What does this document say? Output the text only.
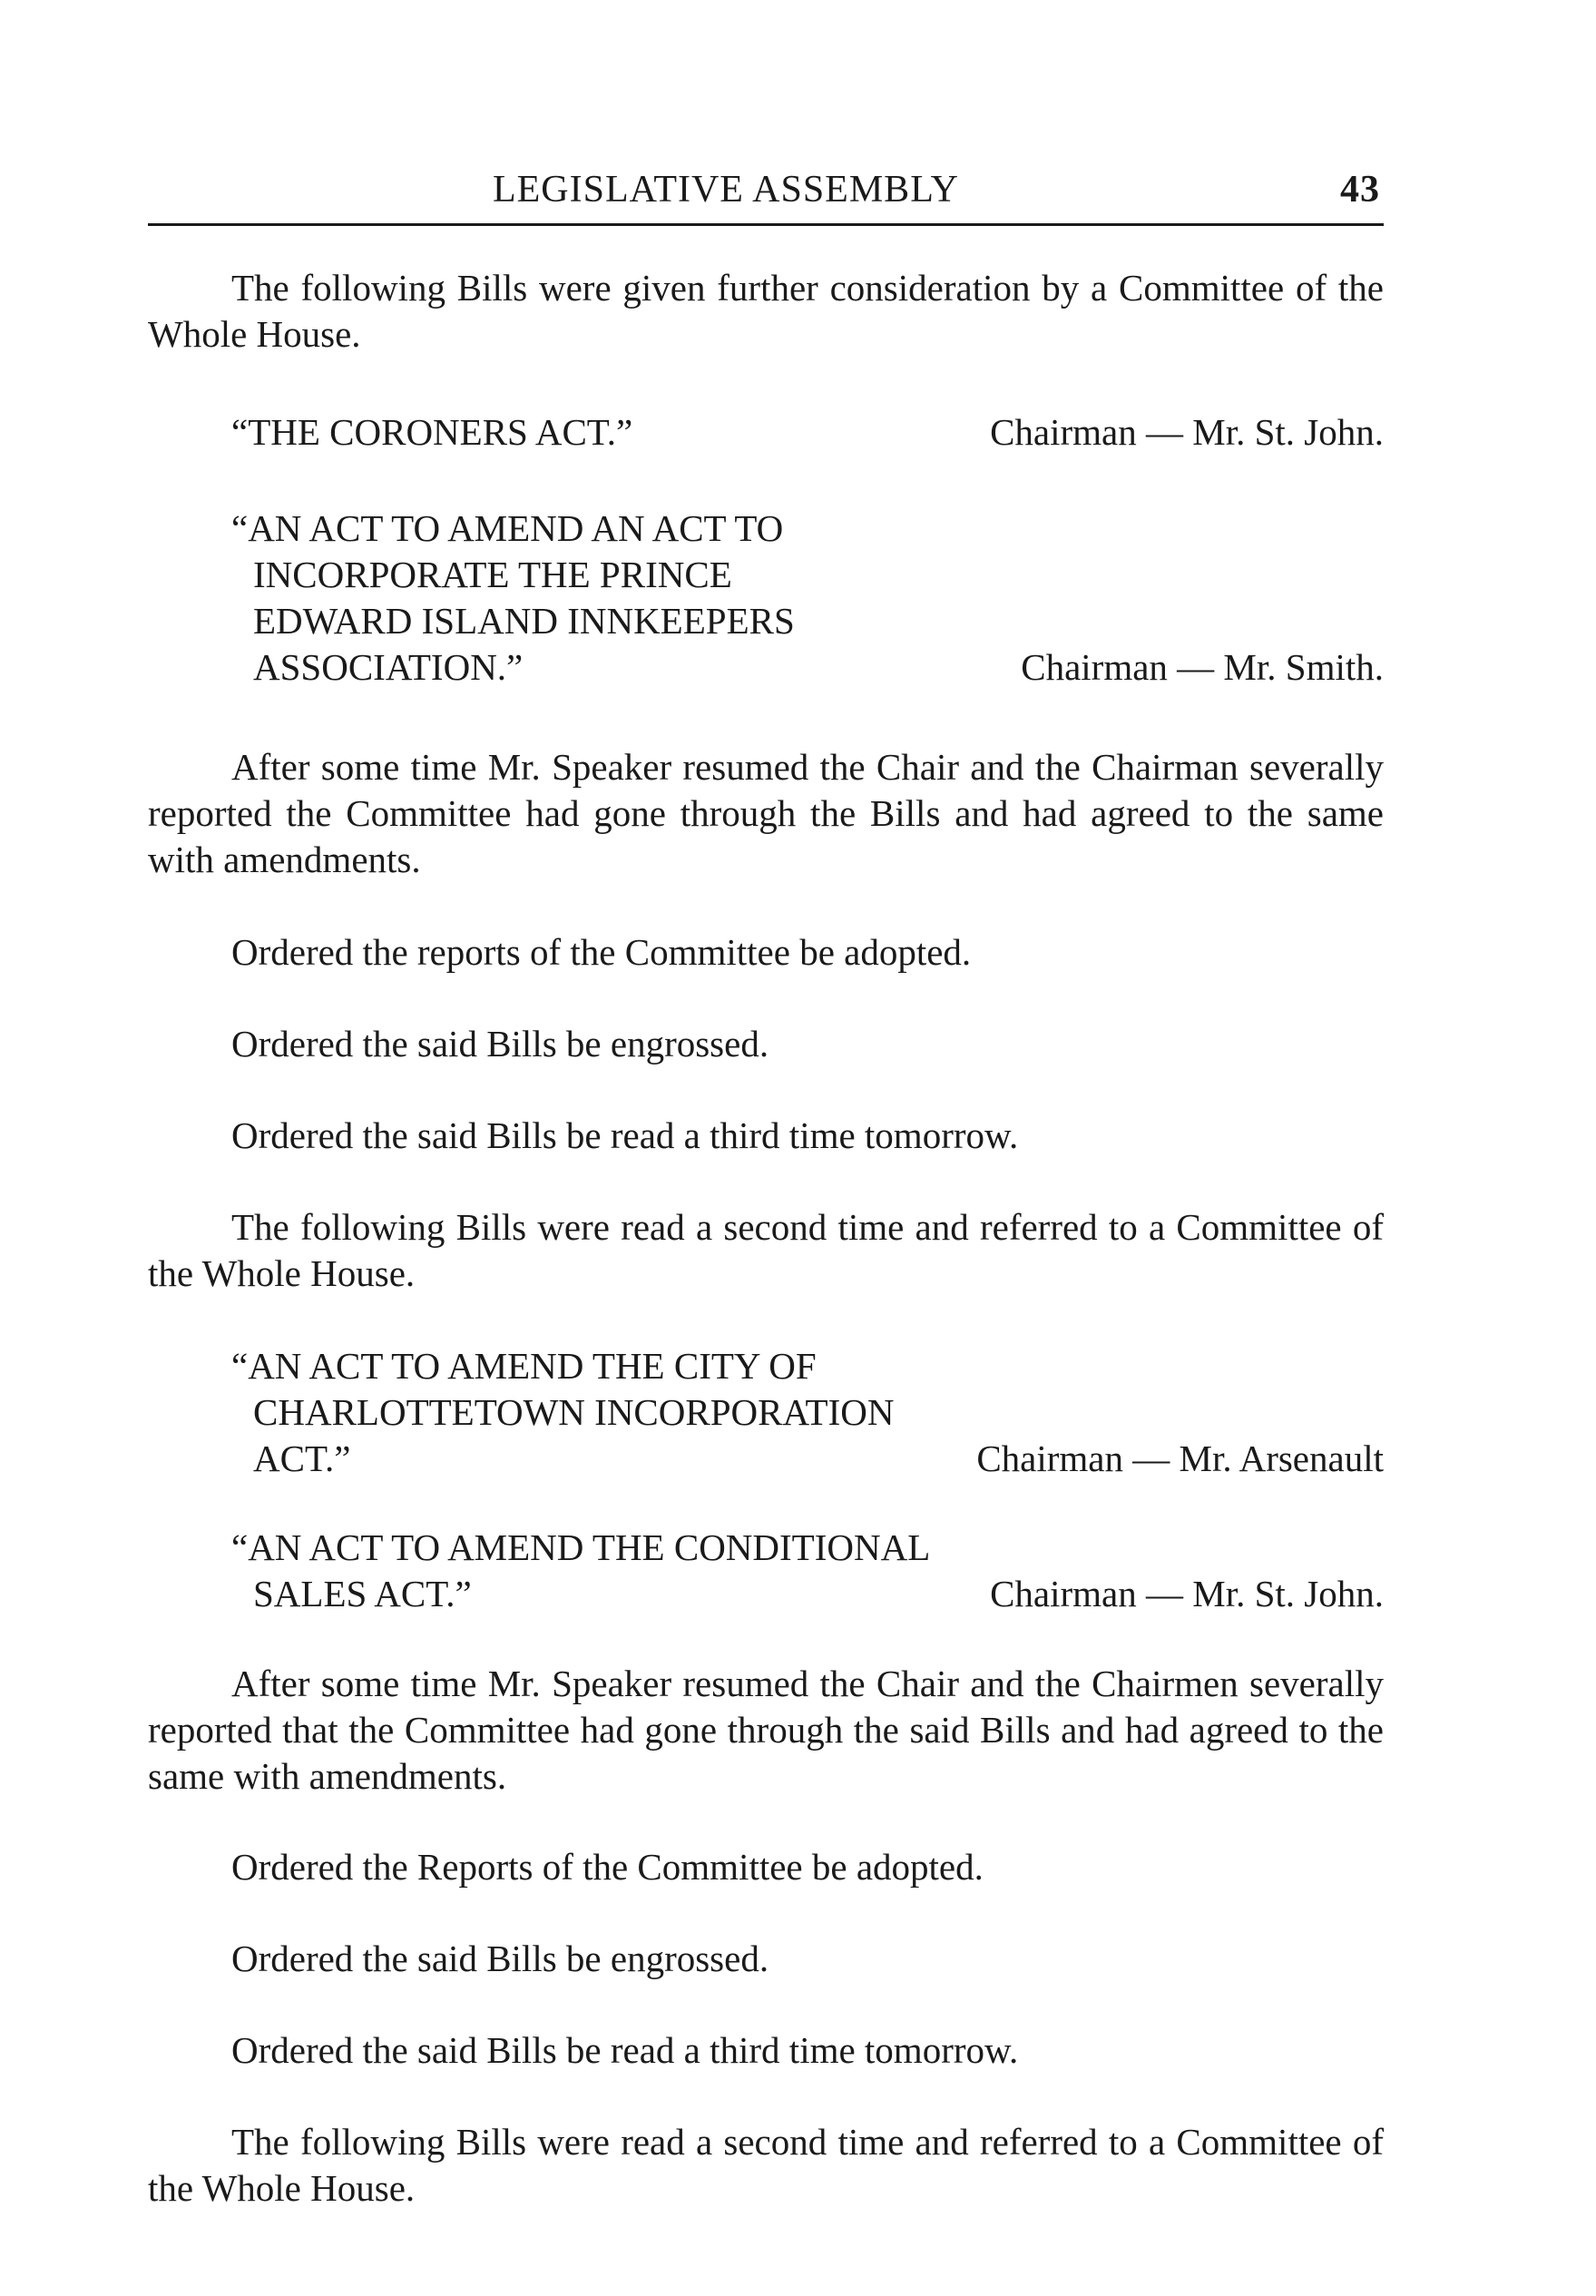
LEGISLATIVE ASSEMBLY	43

The following Bills were given further consideration by a Committee of the Whole House.

“THE CORONERS ACT.”	Chairman — Mr. St. John.
“AN ACT TO AMEND AN ACT TO
INCORPORATE THE PRINCE
EDWARD ISLAND INNKEEPERS
ASSOCIATION.”	Chairman — Mr. Smith.

After some time Mr. Speaker resumed the Chair and the Chairman severally reported the Committee had gone through the Bills and had agreed to the same with amendments.

Ordered the reports of the Committee be adopted.

Ordered the said Bills be engrossed.

Ordered the said Bills be read a third time tomorrow.

The following Bills were read a second time and referred to a Committee of the Whole House.

“AN ACT TO AMEND THE CITY OF
CHARLOTTETOWN INCORPORATION
ACT.”	Chairman — Mr. Arsenault
“AN ACT TO AMEND THE CONDITIONAL
SALES ACT.”	Chairman — Mr. St. John.

After some time Mr. Speaker resumed the Chair and the Chairmen severally reported that the Committee had gone through the said Bills and had agreed to the same with amendments.

Ordered the Reports of the Committee be adopted.

Ordered the said Bills be engrossed.

Ordered the said Bills be read a third time tomorrow.

The following Bills were read a second time and referred to a Committee of the Whole House.
